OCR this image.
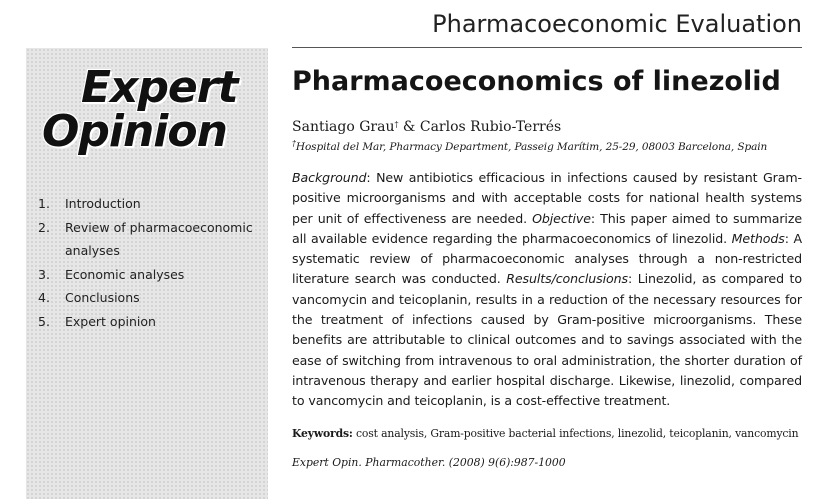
Pharmacoeconomic Evaluation
Expert
Opinion
1.	Introduction
2.	Review of pharmacoeconomic analyses
3.	Economic analyses
4.	Conclusions
5.	Expert opinion
Pharmacoeconomics of linezolid
Santiago Grau† & Carlos Rubio-Terrés
†Hospital del Mar, Pharmacy Department, Passeig Marítim, 25-29, 08003 Barcelona, Spain
Background: New antibiotics efficacious in infections caused by resistant Gram-positive microorganisms and with acceptable costs for national health systems per unit of effectiveness are needed. Objective: This paper aimed to summarize all available evidence regarding the pharmacoeconomics of linezolid. Methods: A systematic review of pharmacoeconomic analyses through a non-restricted literature search was conducted. Results/conclusions: Linezolid, as compared to vancomycin and teicoplanin, results in a reduction of the necessary resources for the treatment of infections caused by Gram-positive microorganisms. These benefits are attributable to clinical outcomes and to savings associated with the ease of switching from intravenous to oral administration, the shorter duration of intravenous therapy and earlier hospital discharge. Likewise, linezolid, compared to vancomycin and teicoplanin, is a cost-effective treatment.
Keywords: cost analysis, Gram-positive bacterial infections, linezolid, teicoplanin, vancomycin
Expert Opin. Pharmacother. (2008) 9(6):987-1000
